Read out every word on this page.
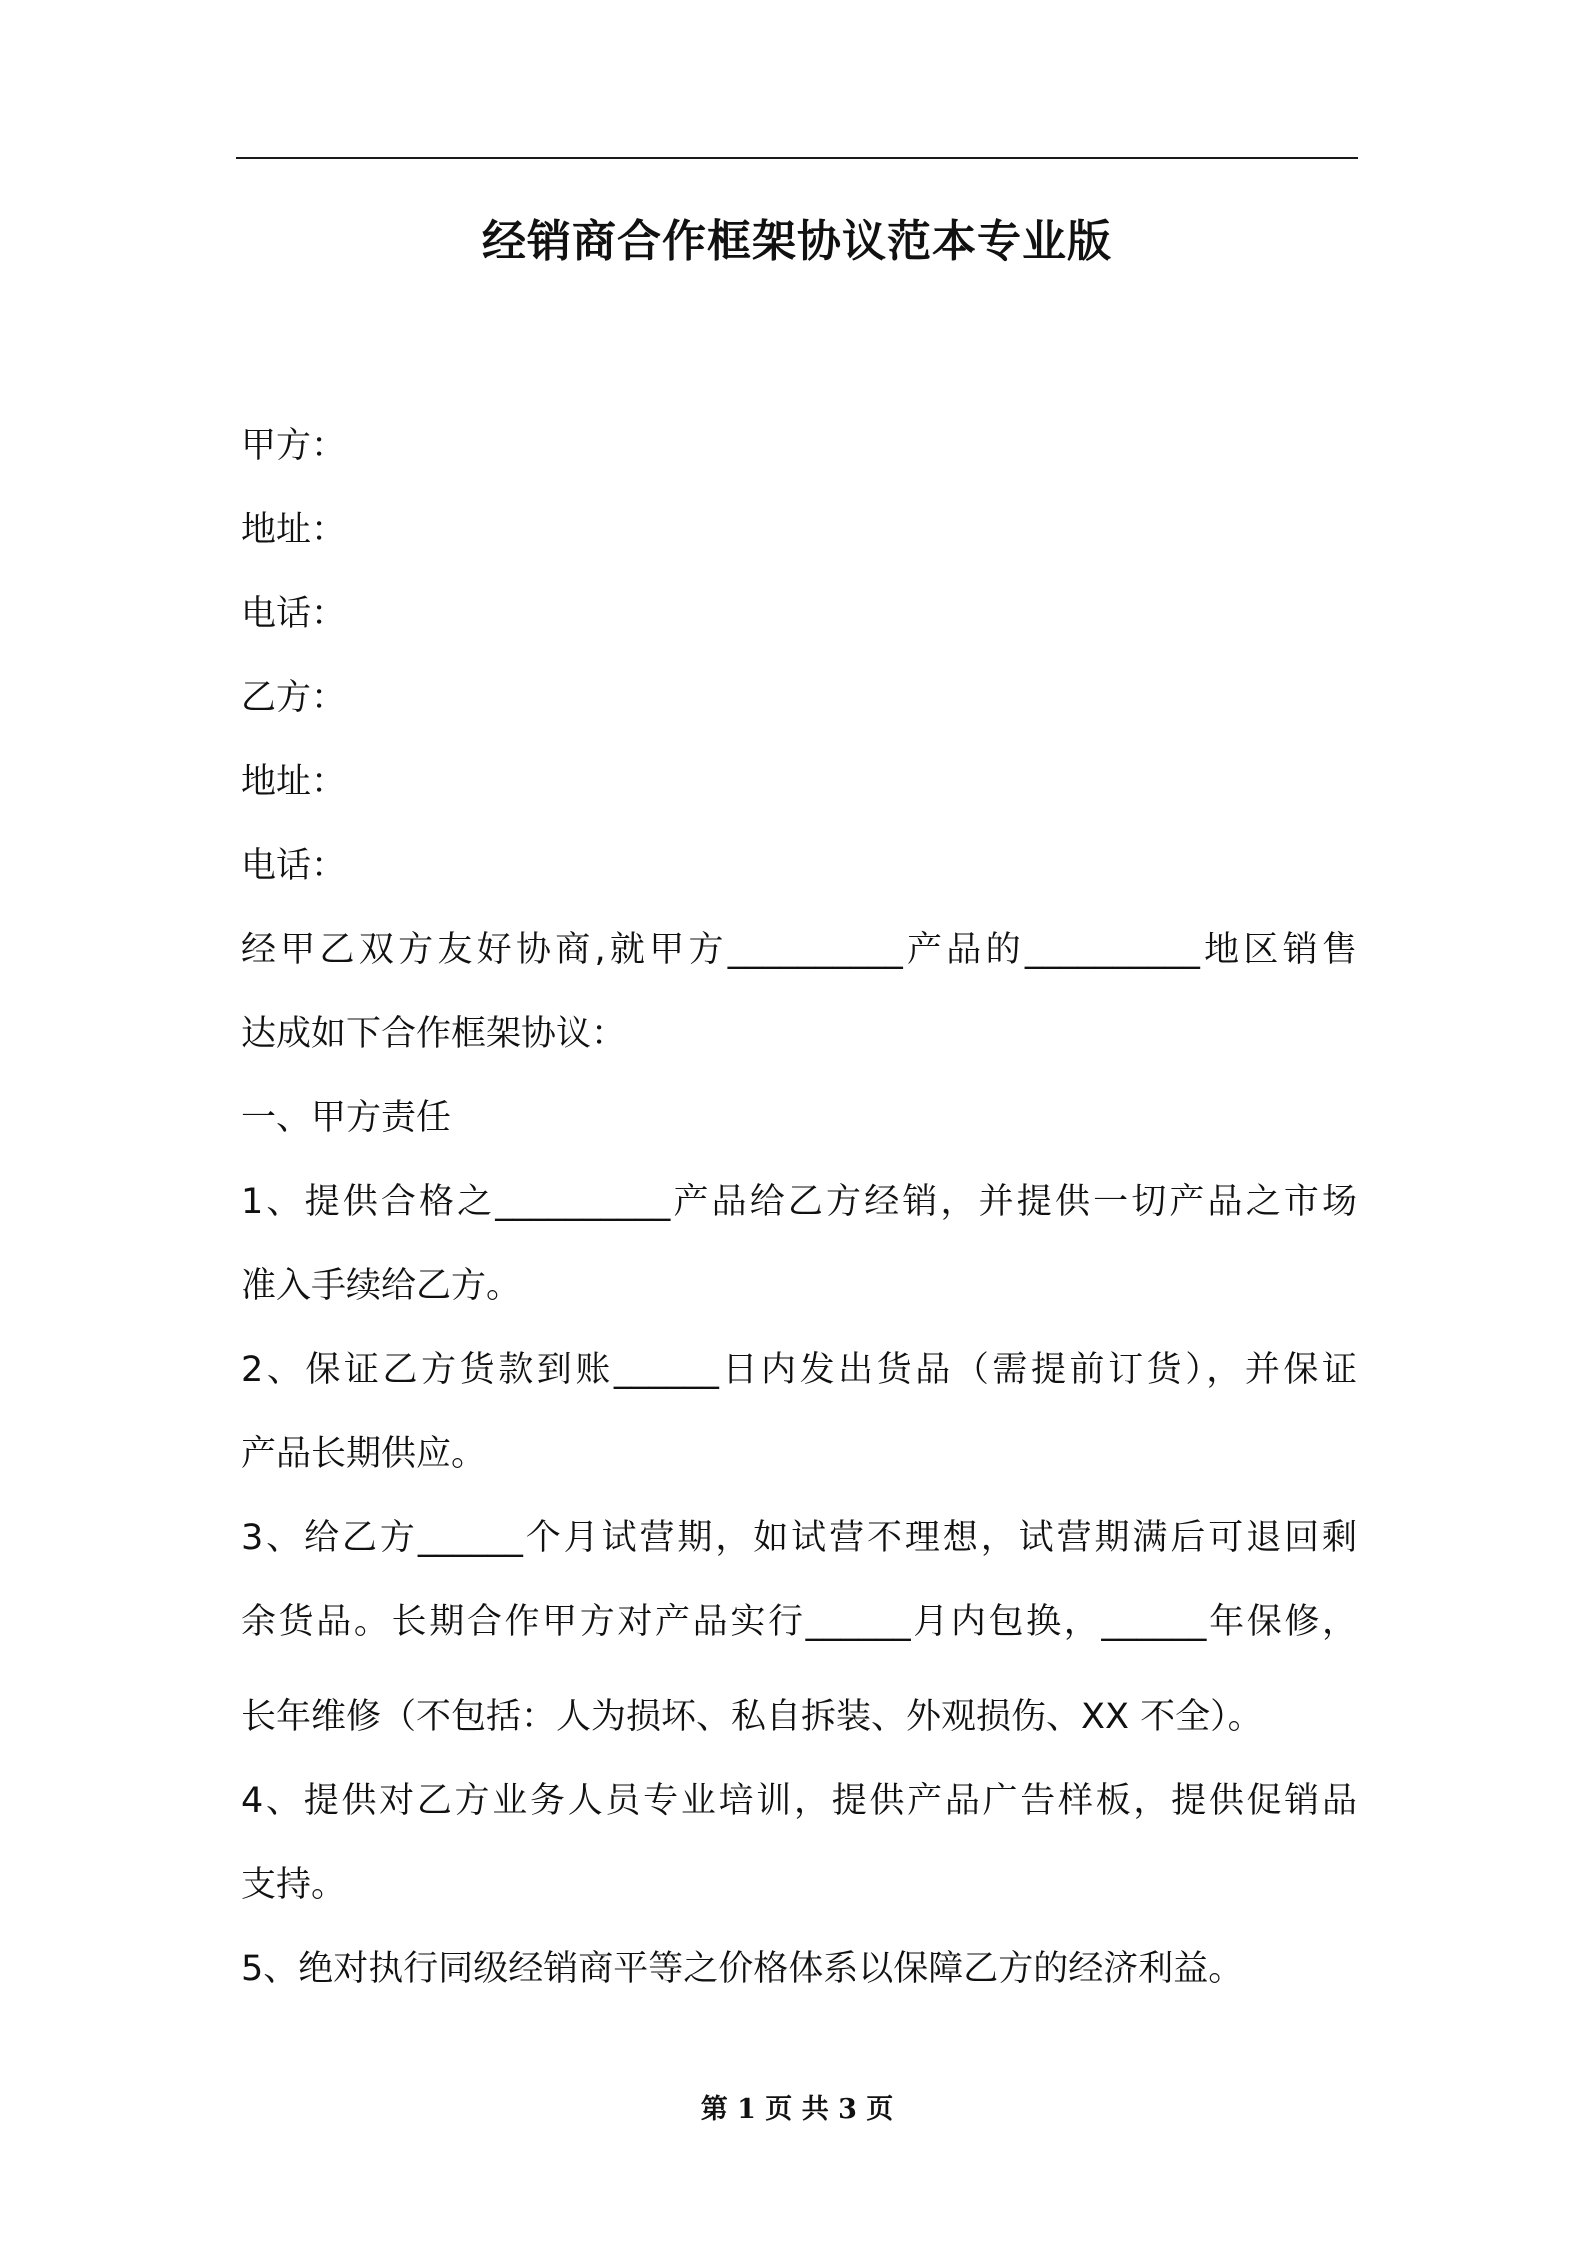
经销商合作框架协议范本专业版
甲方：
地址：
电话：
乙方：
地址：
电话：
经甲乙双方友好协商,就甲方__________产品的__________地区销售
达成如下合作框架协议：
一、甲方责任
1、提供合格之__________产品给乙方经销，并提供一切产品之市场
准入手续给乙方。
2、保证乙方货款到账______日内发出货品（需提前订货），并保证
产品长期供应。
3、给乙方______个月试营期，如试营不理想，试营期满后可退回剩
余货品。长期合作甲方对产品实行______月内包换，______年保修，
长年维修（不包括：人为损坏、私自拆装、外观损伤、XX 不全）。
4、提供对乙方业务人员专业培训，提供产品广告样板，提供促销品
支持。
5、绝对执行同级经销商平等之价格体系以保障乙方的经济利益。
第 1 页 共 3 页
